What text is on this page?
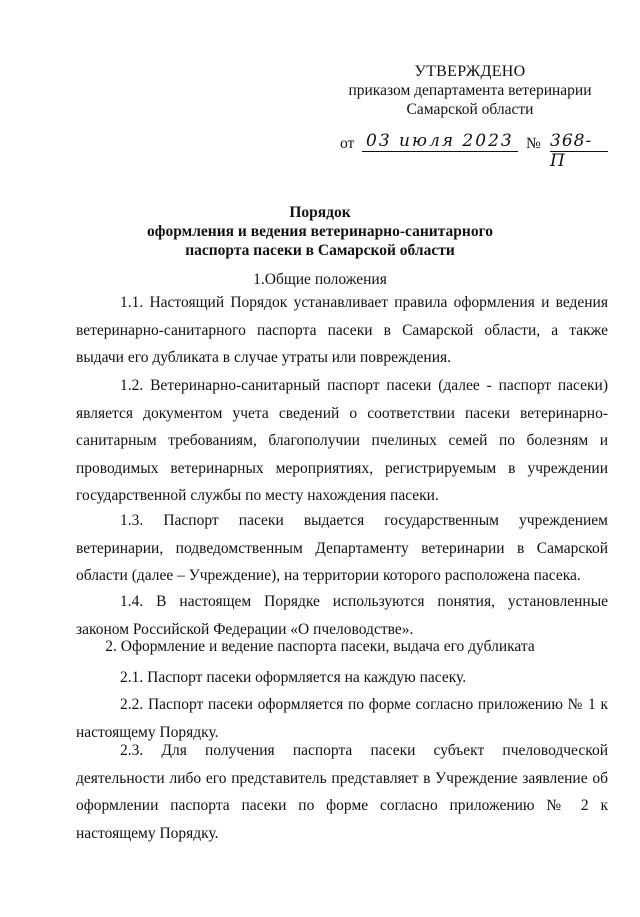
УТВЕРЖДЕНО
приказом департамента ветеринарии
Самарской области
от 03 июля 2023 № 368-П
Порядок
оформления и ведения ветеринарно-санитарного
паспорта пасеки в Самарской области
1.Общие положения
1.1. Настоящий Порядок устанавливает правила оформления и ведения ветеринарно-санитарного паспорта пасеки в Самарской области, а также выдачи его дубликата в случае утраты или повреждения.
1.2. Ветеринарно-санитарный паспорт пасеки (далее - паспорт пасеки) является документом учета сведений о соответствии пасеки ветеринарно-санитарным требованиям, благополучии пчелиных семей по болезням и проводимых ветеринарных мероприятиях, регистрируемым в учреждении государственной службы по месту нахождения пасеки.
1.3. Паспорт пасеки выдается государственным учреждением ветеринарии, подведомственным Департаменту ветеринарии в Самарской области (далее – Учреждение), на территории которого расположена пасека.
1.4. В настоящем Порядке используются понятия, установленные законом Российской Федерации «О пчеловодстве».
2. Оформление и ведение паспорта пасеки, выдача его дубликата
2.1. Паспорт пасеки оформляется на каждую пасеку.
2.2. Паспорт пасеки оформляется по форме согласно приложению № 1 к настоящему Порядку.
2.3. Для получения паспорта пасеки субъект пчеловодческой деятельности либо его представитель представляет в Учреждение заявление об оформлении паспорта пасеки по форме согласно приложению № 2 к настоящему Порядку.
